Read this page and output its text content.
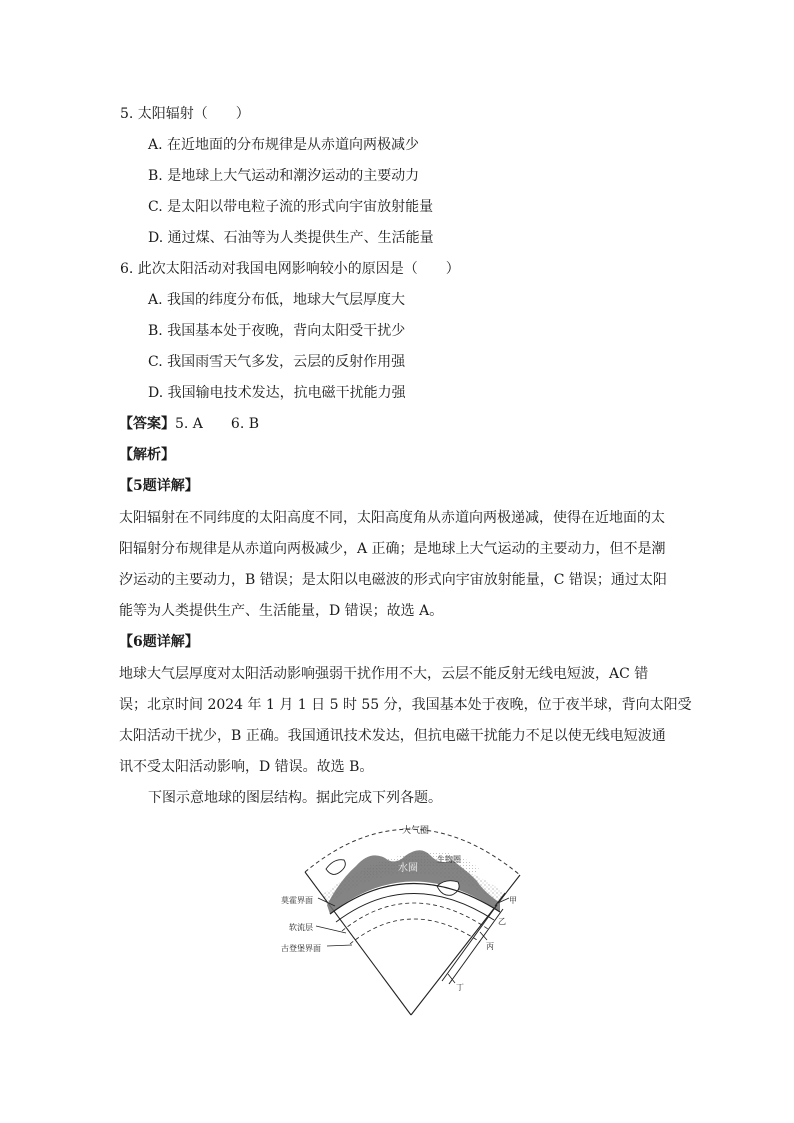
5. 太阳辐射（　　）
A. 在近地面的分布规律是从赤道向两极减少
B. 是地球上大气运动和潮汐运动的主要动力
C. 是太阳以带电粒子流的形式向宇宙放射能量
D. 通过煤、石油等为人类提供生产、生活能量
6. 此次太阳活动对我国电网影响较小的原因是（　　）
A. 我国的纬度分布低，地球大气层厚度大
B. 我国基本处于夜晚，背向太阳受干扰少
C. 我国雨雪天气多发，云层的反射作用强
D. 我国输电技术发达，抗电磁干扰能力强
【答案】5. A　　6. B
【解析】
【5题详解】
太阳辐射在不同纬度的太阳高度不同，太阳高度角从赤道向两极递减，使得在近地面的太
阳辐射分布规律是从赤道向两极减少，A 正确；是地球上大气运动的主要动力，但不是潮
汐运动的主要动力，B 错误；是太阳以电磁波的形式向宇宙放射能量，C 错误；通过太阳
能等为人类提供生产、生活能量，D 错误；故选 A。
【6题详解】
地球大气层厚度对太阳活动影响强弱干扰作用不大，云层不能反射无线电短波，AC 错
误；北京时间 2024 年 1 月 1 日 5 时 55 分，我国基本处于夜晚，位于夜半球，背向太阳受
太阳活动干扰少，B 正确。我国通讯技术发达，但抗电磁干扰能力不足以使无线电短波通
讯不受太阳活动影响，D 错误。故选 B。
下图示意地球的图层结构。据此完成下列各题。
大气圈
生物圈
水圈
莫霍界面
软流层
古登堡界面
甲
乙
丙
丁
